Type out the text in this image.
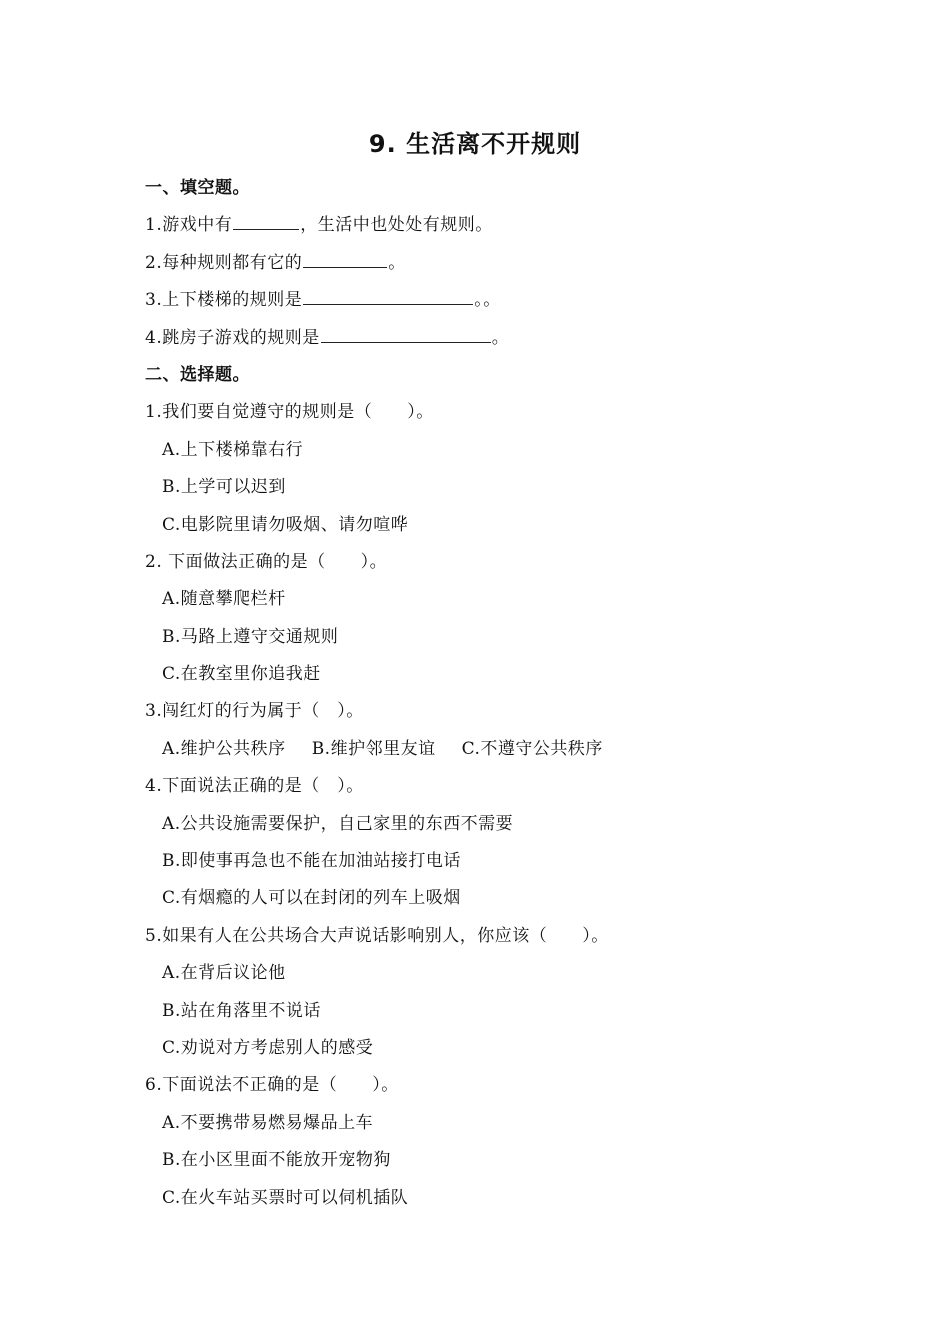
9. 生活离不开规则
一、填空题。
1.游戏中有	，生活中也处处有规则。
2.每种规则都有它的	。
3.上下楼梯的规则是	。。
4.跳房子游戏的规则是	。
二、选择题。
1.我们要自觉遵守的规则是（　　）。
A.上下楼梯靠右行
B.上学可以迟到
C.电影院里请勿吸烟、请勿喧哗
2. 下面做法正确的是（　　）。
A.随意攀爬栏杆
B.马路上遵守交通规则
C.在教室里你追我赶
3.闯红灯的行为属于（　）。
A.维护公共秩序 B.维护邻里友谊 C.不遵守公共秩序
4.下面说法正确的是（　）。
A.公共设施需要保护，自己家里的东西不需要
B.即使事再急也不能在加油站接打电话
C.有烟瘾的人可以在封闭的列车上吸烟
5.如果有人在公共场合大声说话影响别人，你应该（　　）。
A.在背后议论他
B.站在角落里不说话
C.劝说对方考虑别人的感受
6.下面说法不正确的是（　　）。
A.不要携带易燃易爆品上车
B.在小区里面不能放开宠物狗
C.在火车站买票时可以伺机插队
